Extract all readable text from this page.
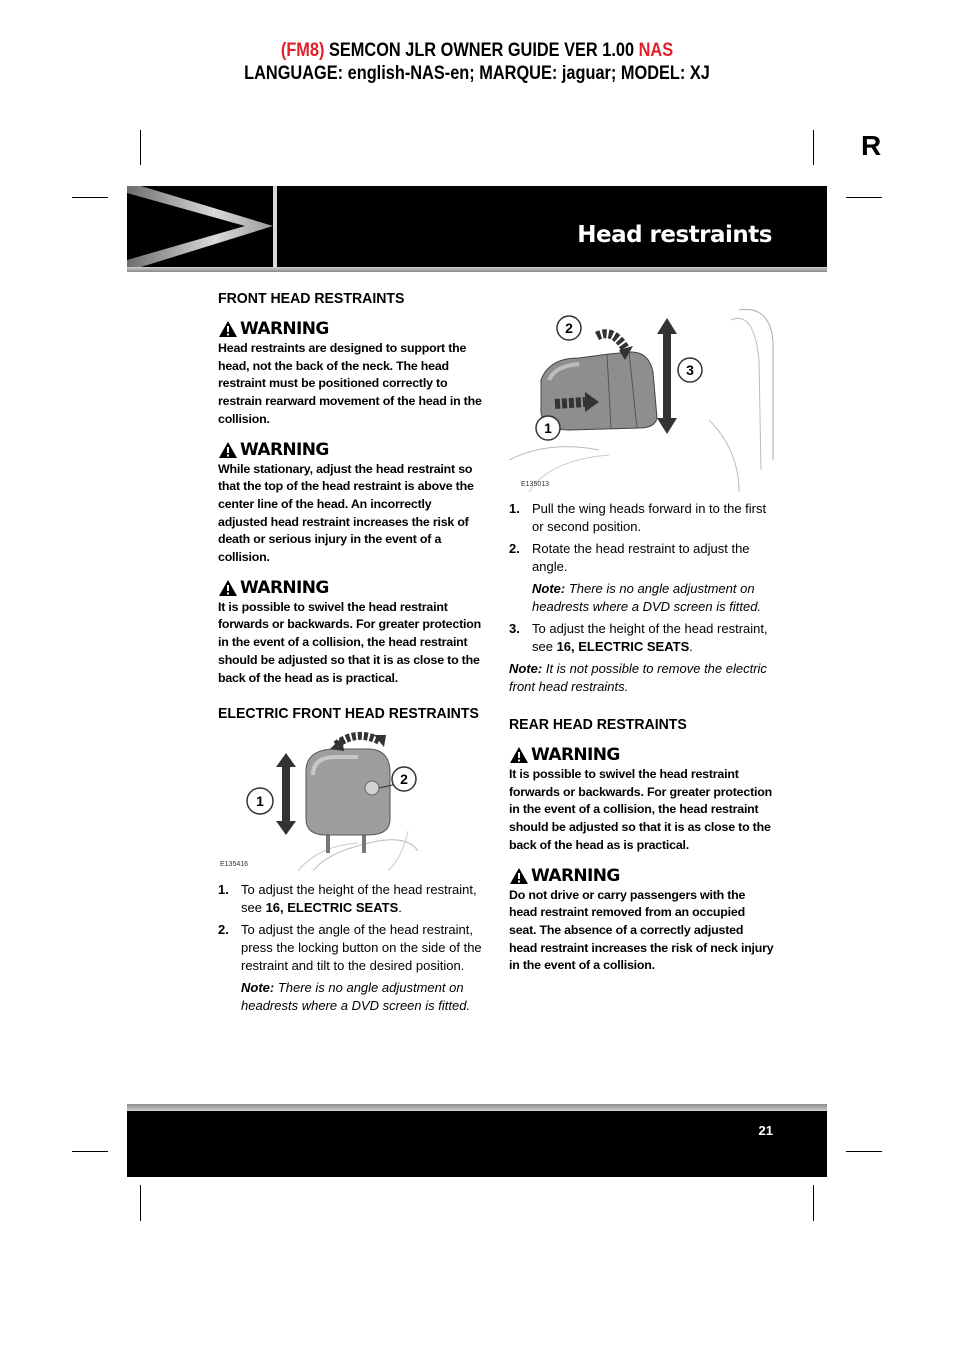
(FM8) SEMCON JLR OWNER GUIDE VER 1.00 NAS
LANGUAGE: english-NAS-en; MARQUE: jaguar; MODEL: XJ
R
Head restraints
FRONT HEAD RESTRAINTS
WARNING

Head restraints are designed to support the head, not the back of the neck. The head restraint must be positioned correctly to restrain rearward movement of the head in the collision.

WARNING

While stationary, adjust the head restraint so that the top of the head restraint is above the center line of the head. An incorrectly adjusted head restraint increases the risk of death or serious injury in the event of a collision.

WARNING

It is possible to swivel the head restraint forwards or backwards. For greater protection in the event of a collision, the head restraint should be adjusted so that it is as close to the back of the head as is practical.

ELECTRIC FRONT HEAD RESTRAINTS
1
2
E135416
1. To adjust the height of the head restraint, see 16, ELECTRIC SEATS.
2. To adjust the angle of the head restraint, press the locking button on the side of the restraint and tilt to the desired position.
Note: There is no angle adjustment on headrests where a DVD screen is fitted.
2
3
1
E135013
1. Pull the wing heads forward in to the first or second position.
2. Rotate the head restraint to adjust the angle.
Note: There is no angle adjustment on headrests where a DVD screen is fitted.
3. To adjust the height of the head restraint, see 16, ELECTRIC SEATS.
Note: It is not possible to remove the electric front head restraints.
REAR HEAD RESTRAINTS
WARNING

It is possible to swivel the head restraint forwards or backwards. For greater protection in the event of a collision, the head restraint should be adjusted so that it is as close to the back of the head as is practical.

WARNING

Do not drive or carry passengers with the head restraint removed from an occupied seat. The absence of a correctly adjusted head restraint increases the risk of neck injury in the event of a collision.

21
